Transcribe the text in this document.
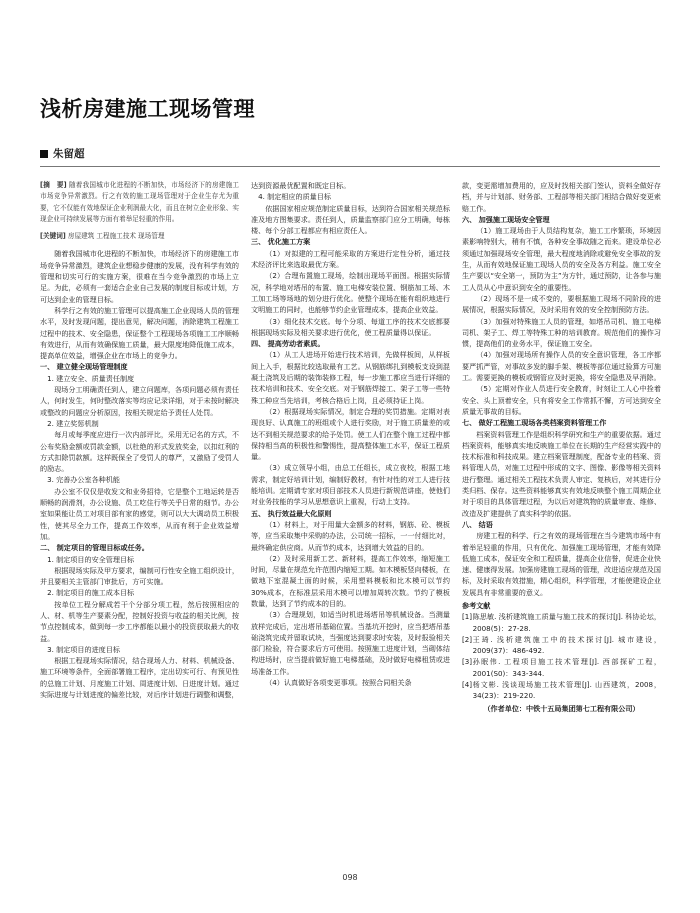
浅析房建施工现场管理
朱留超

[摘　要] 随着我国城市化进程的不断加快，市场经济下的房建施工市场竞争异常激烈。行之有效的施工现场管理对于企业生存尤为重要，它不仅能有效地保证企业利润最大化，而且在树立企业形象、实现企业可持续发展等方面有着举足轻重的作用。

[关键词] 房屋建筑 工程施工技术 现场管理

随着我国城市化进程的不断加快，市场经济下的房建施工市场竞争异常激烈，建筑企业想稳步健康的发展，没有科学有效的管理和切实可行的实施方案，很难在当今竞争激烈的市场上立足。为此，必须有一套适合企业自己发展的制度目标或计划，方可达到企业的管理目标。

科学行之有效的施工管理可以提高施工企业现场人员的管理水平，及时发现问题，提出意见，解决问题，消除建筑工程施工过程中的技术、安全隐患，保证整个工程现场各项施工工序顺畅有效进行，从而有效确保施工质量，最大限度地降低施工成本，提高单位效益，增强企业在市场上的竞争力。

一、 建立健全现场管理制度

1. 建立安全、质量责任制度

现场分工明确责任到人，建立问题库，各项问题必须有责任人，何时发生，何时整改落实等均应记录详细，对于未按时解决或整改的问题应分析原因，按相关规定给予责任人处罚。

2. 建立奖惩机制

每月或每季度应进行一次内部评比，采用无记名的方式，不公布奖励金额或罚款金额，以杜绝的形式发放奖金，以扣红利的方式扣除罚款额。这样既保全了受罚人的尊严，又激励了受罚人的励志。

3. 完善办公室各种机能

办公室不仅仅是收发文和业务招待，它是整个工地运转是否顺畅的润滑剂，办公设施、员工吃住行等关乎日常的细节。办公室如果能让员工对项目部有家的感觉，则可以大大调动员工积极性，使其尽全力工作，提高工作效率，从而有利于企业效益增加。

二、 制定项目的管理目标或任务。

1. 制定项目的安全管理目标

根据现场实际及甲方要求，编制可行性安全施工组织设计，并且要相关主管部门审批后，方可实施。

2. 制定项目的施工成本目标

按单位工程分解成若干个分部分项工程，然后按照相应的人、材、机等生产要素分配，控制好投资与收益的相关比例，按节点控制成本，做到每一步工序都能以最小的投资获取最大的收益。

3. 制定项目的进度目标

根据工程现场实际情况，结合现场人力、材料、机械设备、施工环境等条件，全面部署施工程序，定出切实可行、有预见性的总施工计划、月度施工计划、周进度计划、日进度计划。通过实际进度与计划进度的偏差比较，对后序计划进行调整和调整，

达到资源最优配置和既定目标。

4. 制定相应的质量目标

依据国家相应规范制定质量目标，达到符合国家相关规范标准及地方图集要求。责任到人，质量监察部门应分工明确，每栋楼、每个分部工程都应有相应责任人。

三、 优化施工方案

（1）对拟建的工程可能采取的方案进行定性分析，通过技术经济评比来选取最优方案。

（2）合理布置施工现场，绘制出现场平面图。根据实际情况，科学地对塔吊的布置、施工电梯安装位置、钢筋加工场、木工加工场等场地的划分进行优化。使整个现场在能有组织地进行文明施工的同时，也能够节约企业管理成本，提高企业效益。

（3）细化技术交底。每个分项、每道工序的技术交底都要根据现场实际及相关要求进行优化，使工程质量得以保证。

四、 提高劳动者素质。

（1）从工人进场开始进行技术培训，先做样板间，从样板间上入手，根据比较选取最有工艺。从钢筋绑扎到模板支设到混凝土浇筑及后期的装饰装修工程，每一步施工都应当进行详细的技术培训和技术、安全交底。对于钢筋焊接工、架子工等一些特殊工种应当先培训，考核合格后上岗，且必须持证上岗。

（2）根据现场实际情况，制定合理的奖罚措施。定期对表现良好、认真施工的班组或个人进行奖励，对于施工质量差的或达不到相关规范要求的给予处罚。使工人们在整个施工过程中都保持相当高的积极性和警惕性，提高整体施工水平，保证工程质量。

（3）成立领导小组，由总工任组长，成立夜校，根据工地需求，制定好培训计划，编制好教材，有针对性的对工人进行技能培训。定期请专家对项目部技术人员进行新规范讲座，使他们对业务技能的学习从思想意识上重视，行动上支持。

五、 执行效益最大化原则

（1）材料上，对于用量大金额多的材料，钢筋、砼、模板等，应当采取集中采购的办法，公司统一招标，一一付细比对，最终确定供应商。从而节约成本，达到增大效益的目的。

（2）及时采用新工艺、新材料，提高工作效率，缩短施工时间，尽量在规范允许范围内缩短工期。如木模板竖向楼板，在做地下室混凝土面的时候，采用塑料模板和比木模可以节约 30%成本，在标准层采用木模可以增加周转次数。节约了模板数量，达到了节约成本的目的。

（3）合理规划，如适当时机进场塔吊等机械设备。当测量放样完成后，定出塔吊基础位置。当基坑开挖时，应当把塔吊基础浇筑完成并留取试块，当强度达到要求时安装，及时报验相关部门检验，符合要求后方可使用。按照施工进度计划，当砌体结构进场时，应当提前做好施工电梯基础，及时做好电梯租赁或进场准备工作。

（4）认真做好各项变更事项。按照合同相关条

款，变更需增加费用的，应及时找相关部门签认，资料全做好存档，并与计划部、财务部、工程部等相关部门相结合做好变更索赔工作。

六、 加强施工现场安全管理

（1）施工现场由于人员结构复杂，施工工序繁琐，环境因素影响特别大，稍有不慎，各种安全事故随之而来。建设单位必须通过加强现场安全管理，最大程度地消除或避免安全事故的发生，从而有效地保证施工现场人员的安全及各方利益。施工安全生产要以“安全第一，预防为主”为方针，通过预防，让各参与施工人员从心中意识到安全的重要性。

（2）现场不是一成不变的，要根据施工现场不同阶段的进展情况，根据实际情况，及时采用有效的安全控制预防方法。

（3）加强对特殊施工人员的管理，如塔吊司机、施工电梯司机、架子工、焊工等特殊工种的培训教育。规范他们的操作习惯，提高他们的业务水平，保证施工安全。

（4）加强对现场所有操作人员的安全意识管理，各工序都要严抓严管，对事故多发的脚手架、模板等部位通过验算方可施工。需要更换的模板或钢管应及时更换，将安全隐患及早消除。

（5）定期对作业人员进行安全教育，时刻让工人心中拴着安全、头上顶着安全，只有将安全工作常抓不懈，方可达到安全质量无事故的目标。

七、 做好工程施工现场各类档案资料管理工作

档案资料管理工作是组织科学研究和生产的重要依据。通过档案资料，能够真实地反映施工单位在长期的生产经营实践中的技术标准和科技成果。建立档案管理制度，配备专业的档案、资料管理人员，对施工过程中形成的文字、图像、影像等相关资料进行整理。通过相关工程技术负责人审定、复核后，对其进行分类归档、保存。这些资料能够真实有效地反映整个施工周期企业对于项目的具体管理过程，为以后对建筑物的质量审查、维修、改造及扩建提供了真实科学的依据。

八、 结语

房建工程的科学、行之有效的现场管理在当今建筑市场中有着举足轻重的作用，只有优化、加强施工现场管理，才能有效降低施工成本，保证安全和工程质量，提高企业信誉，促进企业快速、健康得发展。加强房建施工现场的管理，改进适应规范及国标，及时采取有效措施，精心组织，科学管理，才能使建设企业发展具有非常重要的意义。

参考文献

[1] 陈思敏. 浅析建筑施工质量与施工技术的探讨[J]. 科协论坛，2008(5)：27-28.

[2] 王琦. 浅析建筑施工中的技术探讨[J]. 城市建设，2009(37)：486-492.

[3] 孙眠伟. 工程项目施工技术管理[J]. 西部探矿工程，2001(S0)：343-344.

[4] 杨文彬. 浅谈现场施工技术管理[J]. 山西建筑，2008，34(23)：219-220.

（作者单位：中铁十五局集团第七工程有限公司）

098
